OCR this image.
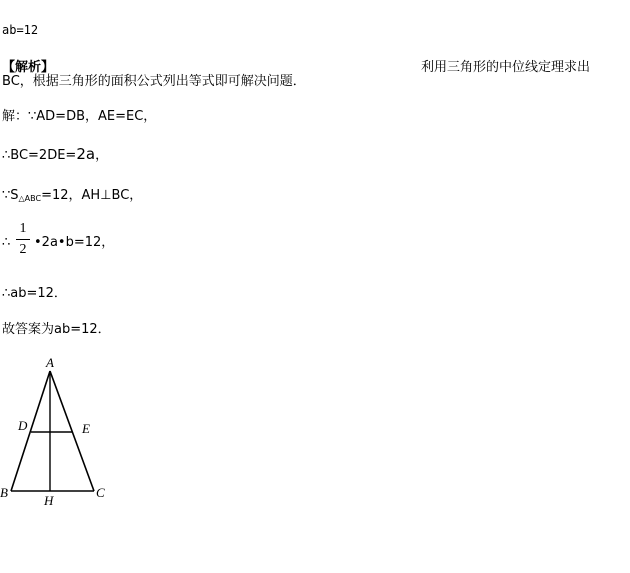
ab=12
【解析】	利用三角形的中位线定理求出
BC，根据三角形的面积公式列出等式即可解决问题．
解：∵AD=DB，AE=EC，
∴BC=2DE=2a，
$\because S_{\triangle ABC}=12$，AH⊥BC，
∴
1
2 •2a•b=12，
∴ab=12．
故答案为ab=12．
A
D	E
B
H
C
